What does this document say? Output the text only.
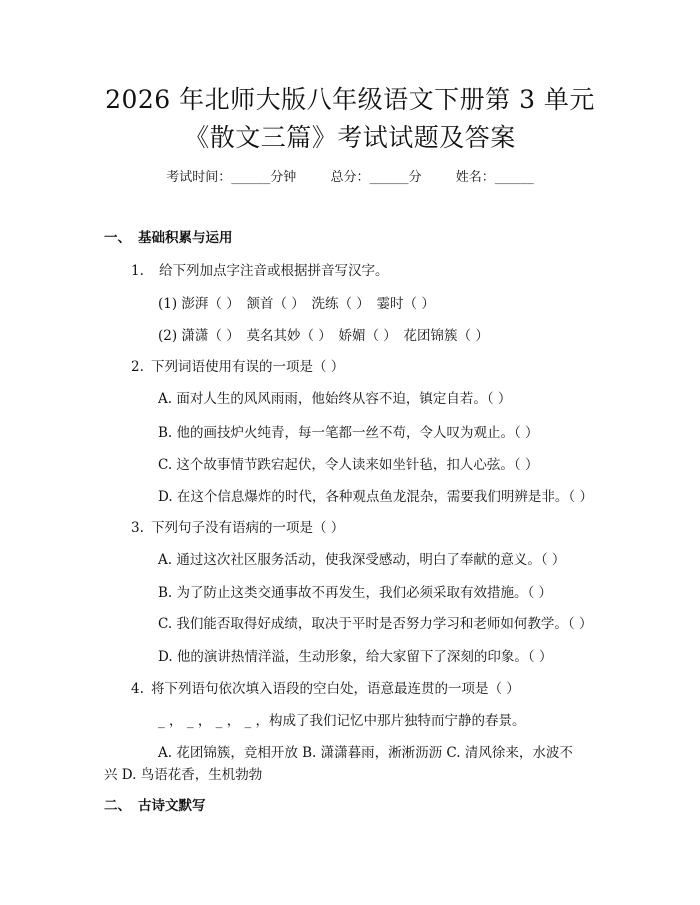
2026 年北师大版八年级语文下册第 3 单元
《散文三篇》考试试题及答案
考试时间：______分钟	总分：______分	姓名：______
一、 基础积累与运用
1. 给下列加点字注音或根据拼音写汉字。
(1) 澎湃（ ）　颔首（ ）　洗练（ ）　霎时（ ）
(2) 潇潇（ ）　莫名其妙（ ）　娇媚（ ）　花团锦簇（ ）
2. 下列词语使用有误的一项是（ ）
A. 面对人生的风风雨雨，他始终从容不迫，镇定自若。（ ）
B. 他的画技炉火纯青，每一笔都一丝不苟，令人叹为观止。（ ）
C. 这个故事情节跌宕起伏，令人读来如坐针毡，扣人心弦。（ ）
D. 在这个信息爆炸的时代，各种观点鱼龙混杂，需要我们明辨是非。（ ）
3. 下列句子没有语病的一项是（ ）
A. 通过这次社区服务活动，使我深受感动，明白了奉献的意义。（ ）
B. 为了防止这类交通事故不再发生，我们必须采取有效措施。（ ）
C. 我们能否取得好成绩，取决于平时是否努力学习和老师如何教学。（ ）
D. 他的演讲热情洋溢，生动形象，给大家留下了深刻的印象。（ ）
4. 将下列语句依次填入语段的空白处，语意最连贯的一项是（ ）
_ ， _ ， _ ， _ ，构成了我们记忆中那片独特而宁静的春景。
A. 花团锦簇，竞相开放 B. 潇潇暮雨，淅淅沥沥 C. 清风徐来，水波不
兴 D. 鸟语花香，生机勃勃
二、 古诗文默写
